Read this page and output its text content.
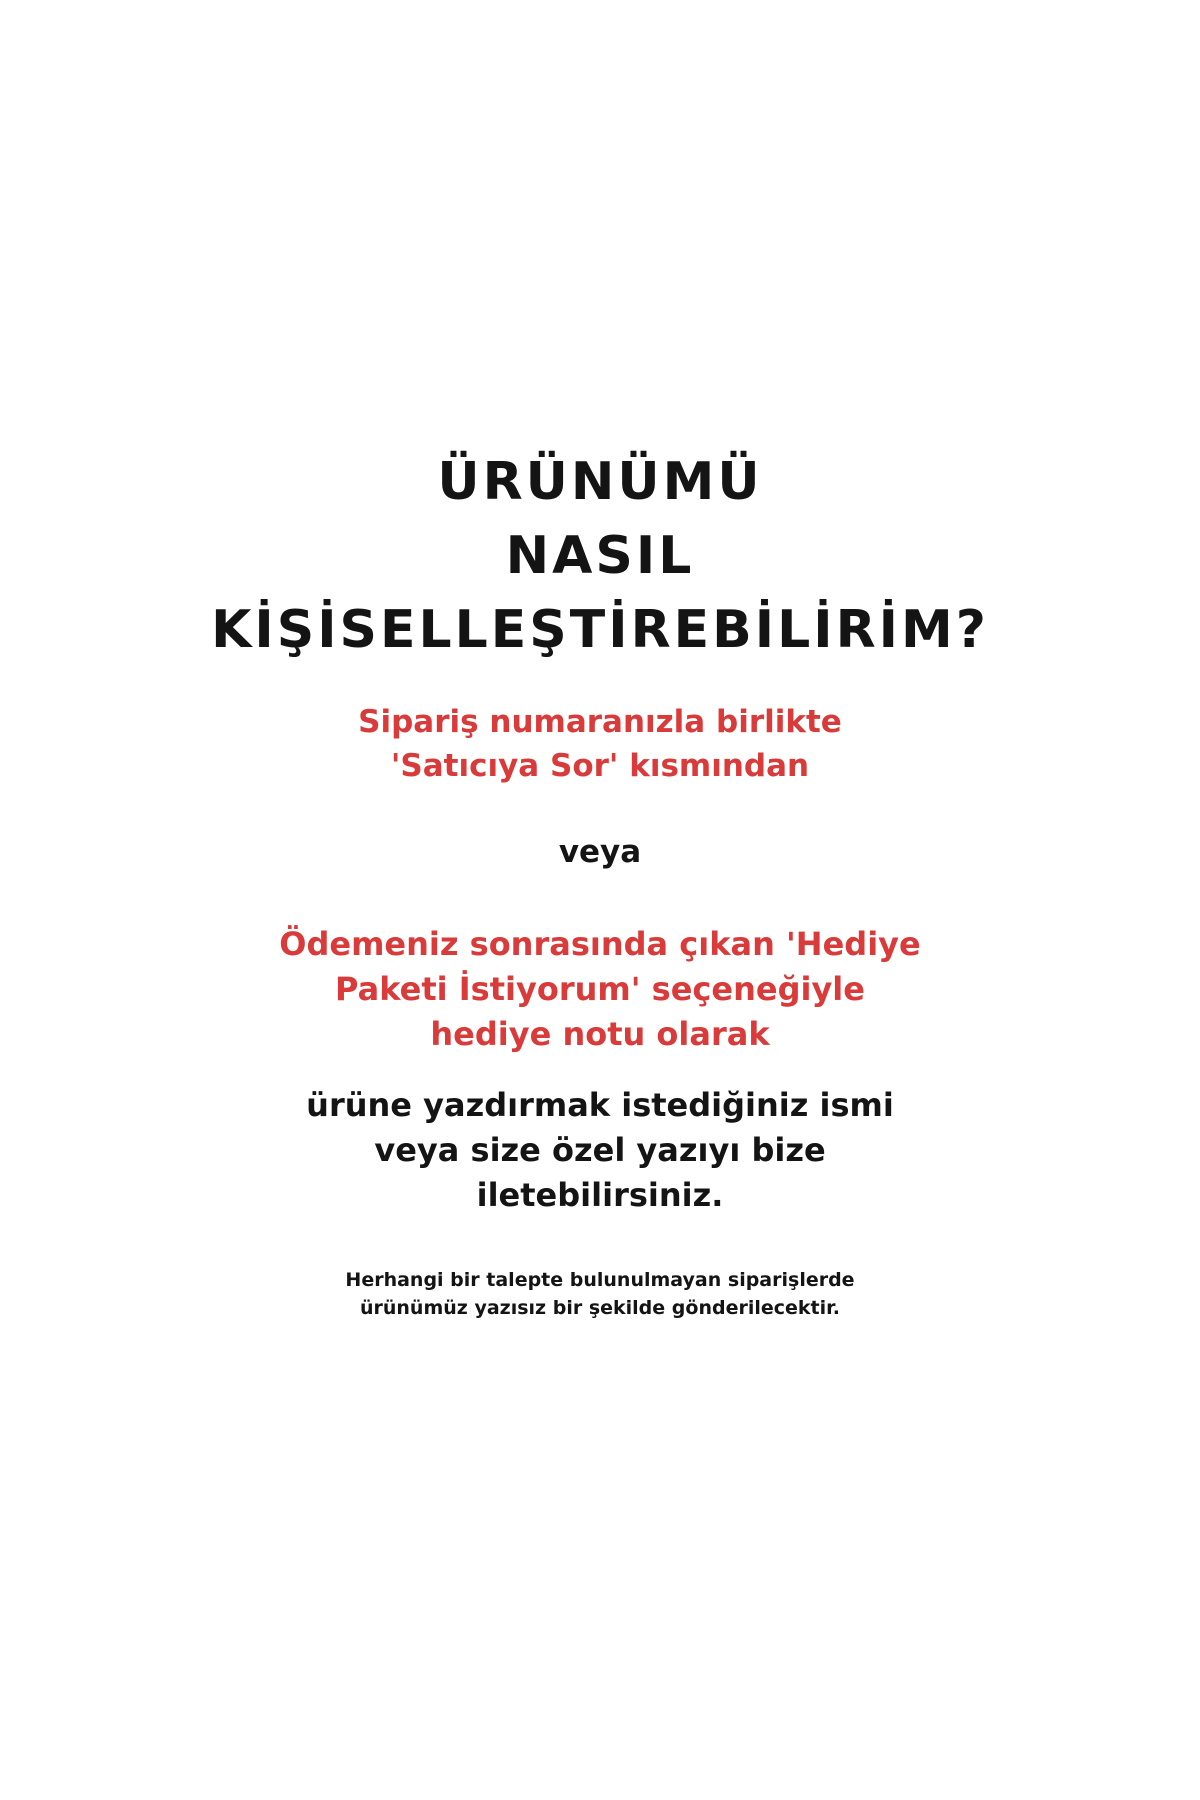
ÜRÜNÜMÜ
NASIL
KİŞİSELLEŞTİREBİLİRİM?
Sipariş numaranızla birlikte
'Satıcıya Sor' kısmından
veya
Ödemeniz sonrasında çıkan 'Hediye
Paketi İstiyorum' seçeneğiyle
hediye notu olarak
ürüne yazdırmak istediğiniz ismi
veya size özel yazıyı bize
iletebilirsiniz.
Herhangi bir talepte bulunulmayan siparişlerde
ürünümüz yazısız bir şekilde gönderilecektir.
